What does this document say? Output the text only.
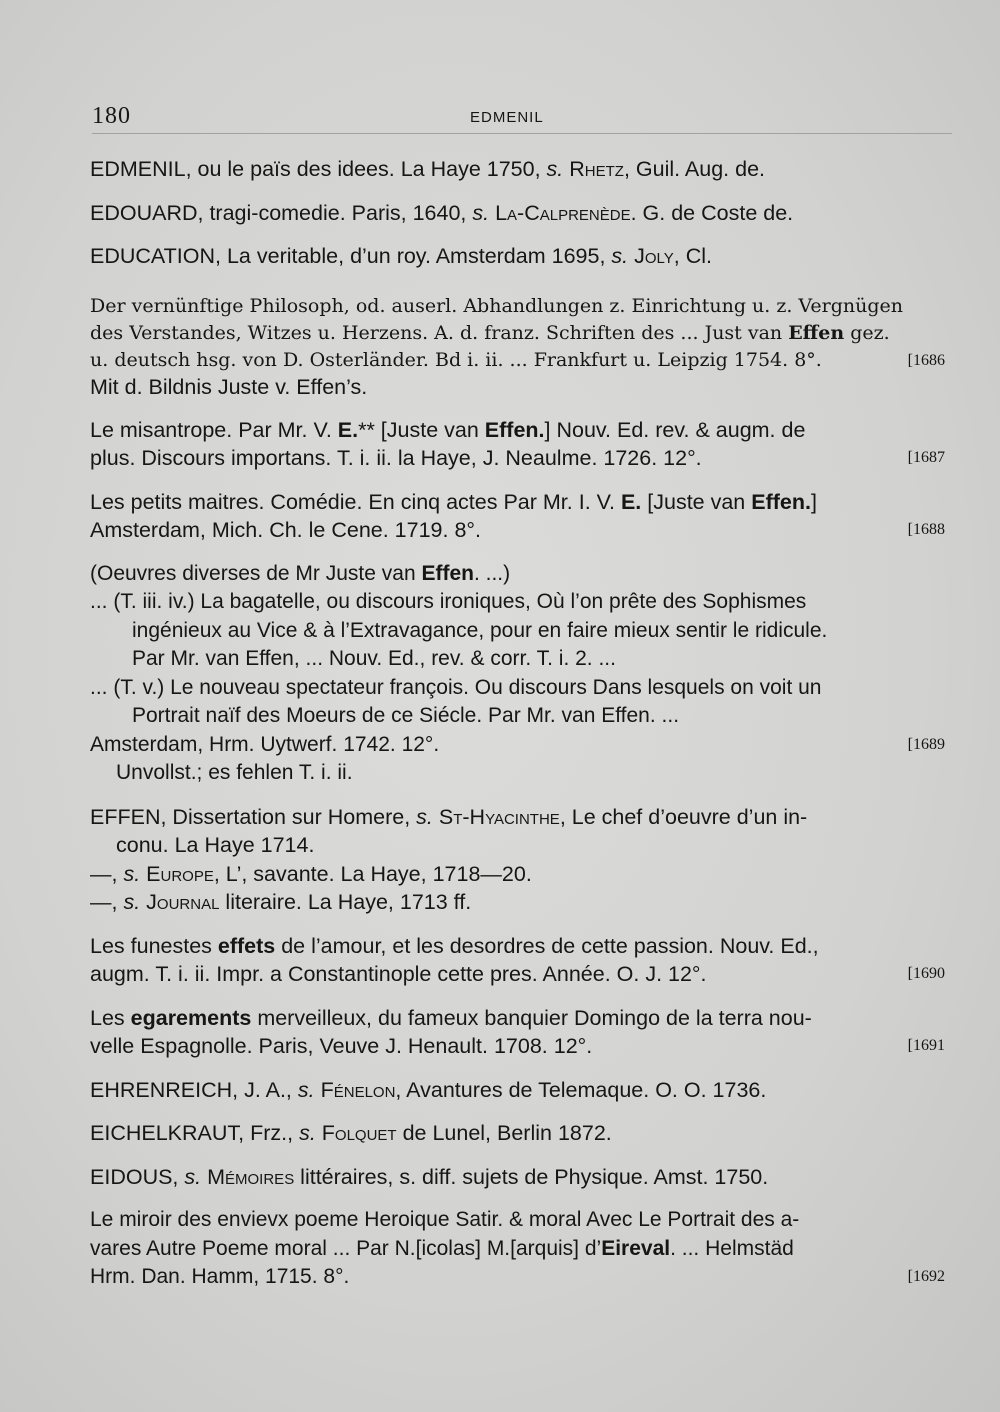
180	EDMENIL
EDMENIL, ou le païs des idees. La Haye 1750, s. Rhetz, Guil. Aug. de.
EDOUARD, tragi-comedie. Paris, 1640, s. La-Calprenède. G. de Coste de.
EDUCATION, La veritable, d’un roy. Amsterdam 1695, s. Joly, Cl.
Der vernünftige Philosoph, od. auserl. Abhandlungen z. Einrichtung u. z. Vergnügen
des Verstandes, Witzes u. Herzens. A. d. franz. Schriften des ... Just van Effen gez.
u. deutsch hsg. von D. Osterländer. Bd i. ii. ... Frankfurt u. Leipzig 1754. 8°.	[1686
Mit d. Bildnis Juste v. Effen’s.
Le misantrope. Par Mr. V. E.** [Juste van Effen.] Nouv. Ed. rev. & augm. de
plus. Discours importans. T. i. ii. la Haye, J. Neaulme. 1726. 12°.	[1687
Les petits maitres. Comédie. En cinq actes Par Mr. I. V. E. [Juste van Effen.]
Amsterdam, Mich. Ch. le Cene. 1719. 8°.	[1688
(Oeuvres diverses de Mr Juste van Effen. ...)
... (T. iii. iv.) La bagatelle, ou discours ironiques, Où l’on prête des Sophismes
ingénieux au Vice & à l’Extravagance, pour en faire mieux sentir le ridicule.
Par Mr. van Effen, ... Nouv. Ed., rev. & corr. T. i. 2. ...
... (T. v.) Le nouveau spectateur françois. Ou discours Dans lesquels on voit un
Portrait naïf des Moeurs de ce Siécle. Par Mr. van Effen. ...
Amsterdam, Hrm. Uytwerf. 1742. 12°.	[1689
Unvollst.; es fehlen T. i. ii.
EFFEN, Dissertation sur Homere, s. St-Hyacinthe, Le chef d’oeuvre d’un in-
conu. La Haye 1714.
—, s. Europe, L’, savante. La Haye, 1718—20.
—, s. Journal literaire. La Haye, 1713 ff.
Les funestes effets de l’amour, et les desordres de cette passion. Nouv. Ed.,
augm. T. i. ii. Impr. a Constantinople cette pres. Année. O. J. 12°.	[1690
Les egarements merveilleux, du fameux banquier Domingo de la terra nou-
velle Espagnolle. Paris, Veuve J. Henault. 1708. 12°.	[1691
EHRENREICH, J. A., s. Fénelon, Avantures de Telemaque. O. O. 1736.
EICHELKRAUT, Frz., s. Folquet de Lunel, Berlin 1872.
EIDOUS, s. Mémoires littéraires, s. diff. sujets de Physique. Amst. 1750.
Le miroir des envievx poeme Heroique Satir. & moral Avec Le Portrait des a-
vares Autre Poeme moral ... Par N.[icolas] M.[arquis] d’Eireval. ... Helmstäd
Hrm. Dan. Hamm, 1715. 8°.	[1692
